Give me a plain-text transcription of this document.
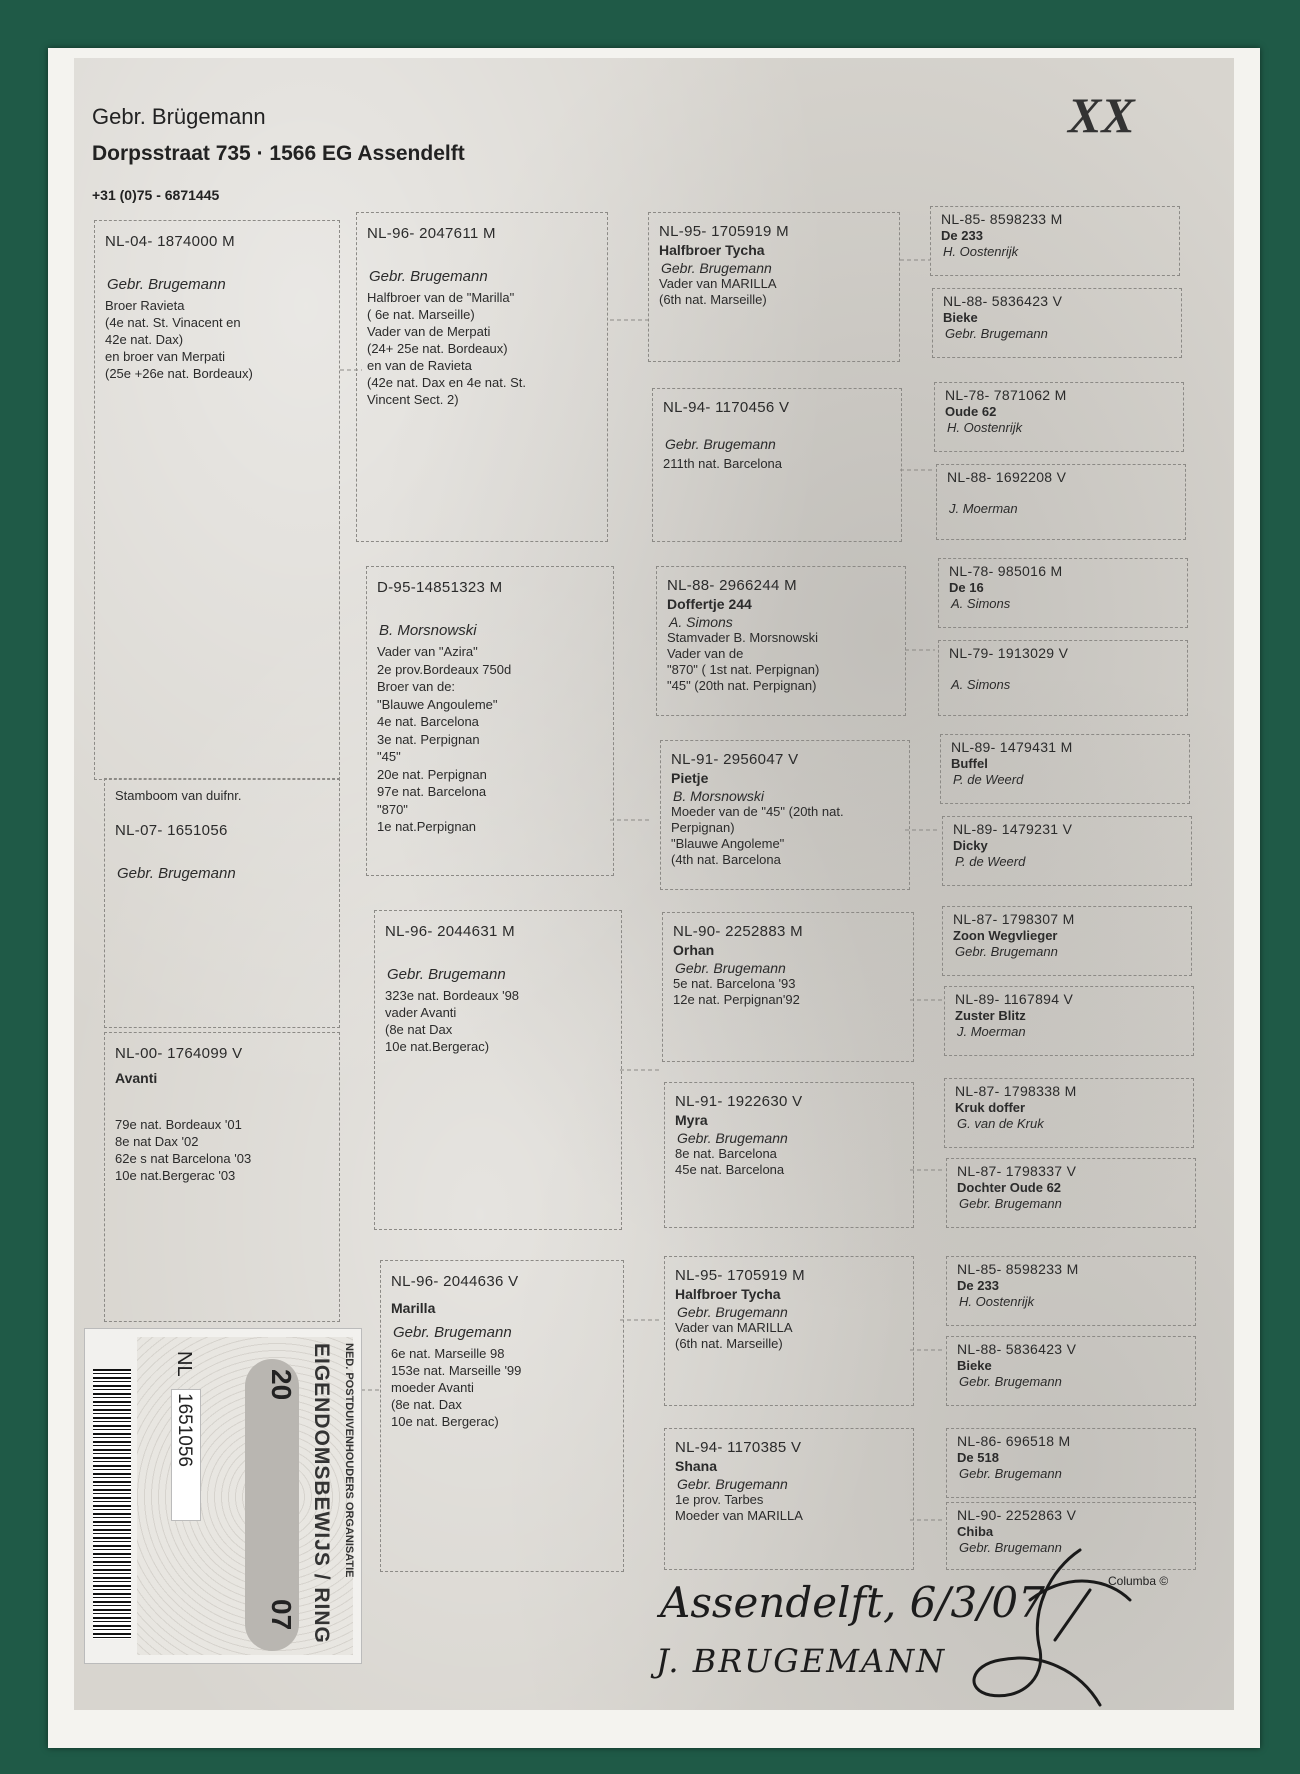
Gebr. Brügemann
Dorpsstraat 735 · 1566 EG Assendelft
+31 (0)75 - 6871445
XX
Stamboom van duifnr.
NL-07- 1651056
Gebr. Brugemann
NL-04- 1874000 M
Gebr. Brugemann
Broer Ravieta
(4e nat. St. Vinacent en
42e nat. Dax)
en broer van Merpati
(25e +26e nat. Bordeaux)
NL-00- 1764099 V
Avanti
79e nat. Bordeaux '01
8e nat Dax '02
62e s nat Barcelona '03
10e nat.Bergerac '03
NL-96- 2047611 M
Gebr. Brugemann
Halfbroer van de "Marilla"
( 6e nat. Marseille)
Vader van de Merpati
(24+ 25e nat. Bordeaux)
en van de Ravieta
(42e nat. Dax en 4e nat. St.
Vincent Sect. 2)
D-95-14851323 M
B. Morsnowski
Vader van "Azira"
2e prov.Bordeaux 750d
Broer van de:
"Blauwe Angouleme"
4e nat. Barcelona
3e nat. Perpignan
"45"
20e nat. Perpignan
97e nat. Barcelona
"870"
1e nat.Perpignan
NL-96- 2044631 M
Gebr. Brugemann
323e nat. Bordeaux '98
vader Avanti
(8e nat Dax
10e nat.Bergerac)
NL-96- 2044636 V
Marilla
Gebr. Brugemann
6e nat. Marseille 98
153e nat. Marseille '99
moeder Avanti
(8e nat. Dax
10e nat. Bergerac)
NL-95- 1705919 M
Halfbroer Tycha
Gebr. Brugemann
Vader van MARILLA
(6th nat. Marseille)
NL-94- 1170456 V
Gebr. Brugemann
211th nat. Barcelona
NL-88- 2966244 M
Doffertje 244
A. Simons
Stamvader B. Morsnowski
Vader van de
"870" ( 1st nat. Perpignan)
"45" (20th nat. Perpignan)
NL-91- 2956047 V
Pietje
B. Morsnowski
Moeder van de "45" (20th nat.
Perpignan)
"Blauwe Angoleme"
(4th nat. Barcelona
NL-90- 2252883 M
Orhan
Gebr. Brugemann
5e nat. Barcelona '93
12e nat. Perpignan'92
NL-91- 1922630 V
Myra
Gebr. Brugemann
8e nat. Barcelona
45e nat. Barcelona
NL-95- 1705919 M
Halfbroer Tycha
Gebr. Brugemann
Vader van MARILLA
(6th nat. Marseille)
NL-94- 1170385 V
Shana
Gebr. Brugemann
1e prov. Tarbes
Moeder van MARILLA
NL-85- 8598233 M
De 233
H. Oostenrijk
NL-88- 5836423 V
Bieke
Gebr. Brugemann
NL-78- 7871062 M
Oude 62
H. Oostenrijk
NL-88- 1692208 V
J. Moerman
NL-78- 985016 M
De 16
A. Simons
NL-79- 1913029 V
A. Simons
NL-89- 1479431 M
Buffel
P. de Weerd
NL-89- 1479231 V
Dicky
P. de Weerd
NL-87- 1798307 M
Zoon Wegvlieger
Gebr. Brugemann
NL-89- 1167894 V
Zuster Blitz
J. Moerman
NL-87- 1798338 M
Kruk doffer
G. van de Kruk
NL-87- 1798337 V
Dochter Oude 62
Gebr. Brugemann
NL-85- 8598233 M
De 233
H. Oostenrijk
NL-88- 5836423 V
Bieke
Gebr. Brugemann
NL-86- 696518 M
De 518
Gebr. Brugemann
NL-90- 2252863 V
Chiba
Gebr. Brugemann
NED. POSTDUIVENHOUDERS ORGANISATIE
EIGENDOMSBEWIJS / RING
NL
1651056
20
07
Columba ©
Assendelft, 6/3/07
J. BRUGEMANN
